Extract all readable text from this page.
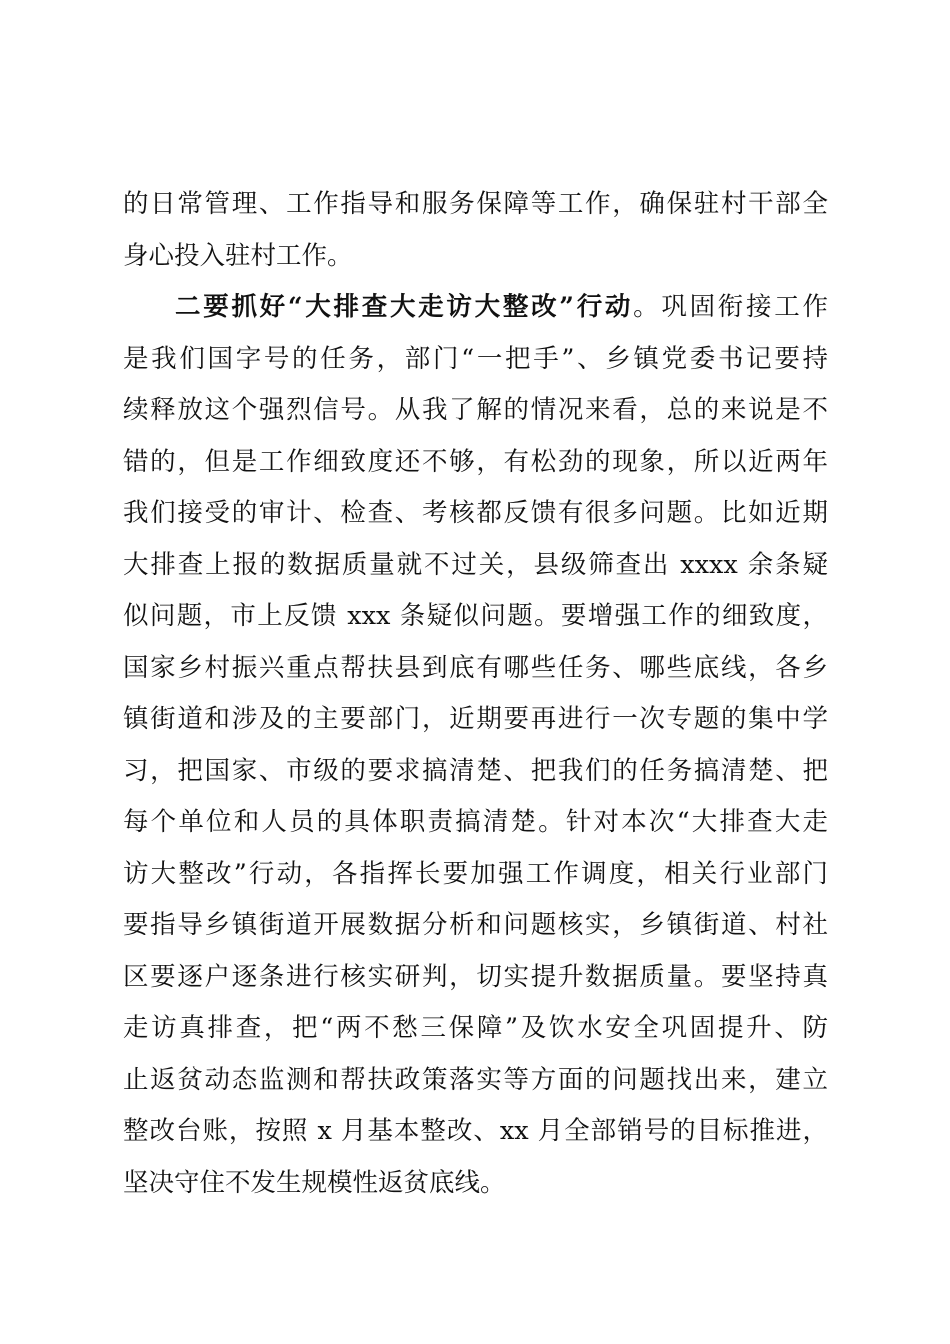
的日常管理、工作指导和服务保障等工作，确保驻村干部全
身心投入驻村工作。
二要抓好“大排查大走访大整改”行动。巩固衔接工作
是我们国字号的任务，部门“一把手”、乡镇党委书记要持
续释放这个强烈信号。从我了解的情况来看，总的来说是不
错的，但是工作细致度还不够，有松劲的现象，所以近两年
我们接受的审计、检查、考核都反馈有很多问题。比如近期
大排查上报的数据质量就不过关，县级筛查出 xxxx 余条疑
似问题，市上反馈 xxx 条疑似问题。要增强工作的细致度，
国家乡村振兴重点帮扶县到底有哪些任务、哪些底线，各乡
镇街道和涉及的主要部门，近期要再进行一次专题的集中学
习，把国家、市级的要求搞清楚、把我们的任务搞清楚、把
每个单位和人员的具体职责搞清楚。针对本次“大排查大走
访大整改”行动，各指挥长要加强工作调度，相关行业部门
要指导乡镇街道开展数据分析和问题核实，乡镇街道、村社
区要逐户逐条进行核实研判，切实提升数据质量。要坚持真
走访真排查，把“两不愁三保障”及饮水安全巩固提升、防
止返贫动态监测和帮扶政策落实等方面的问题找出来，建立
整改台账，按照 x 月基本整改、xx 月全部销号的目标推进，
坚决守住不发生规模性返贫底线。
